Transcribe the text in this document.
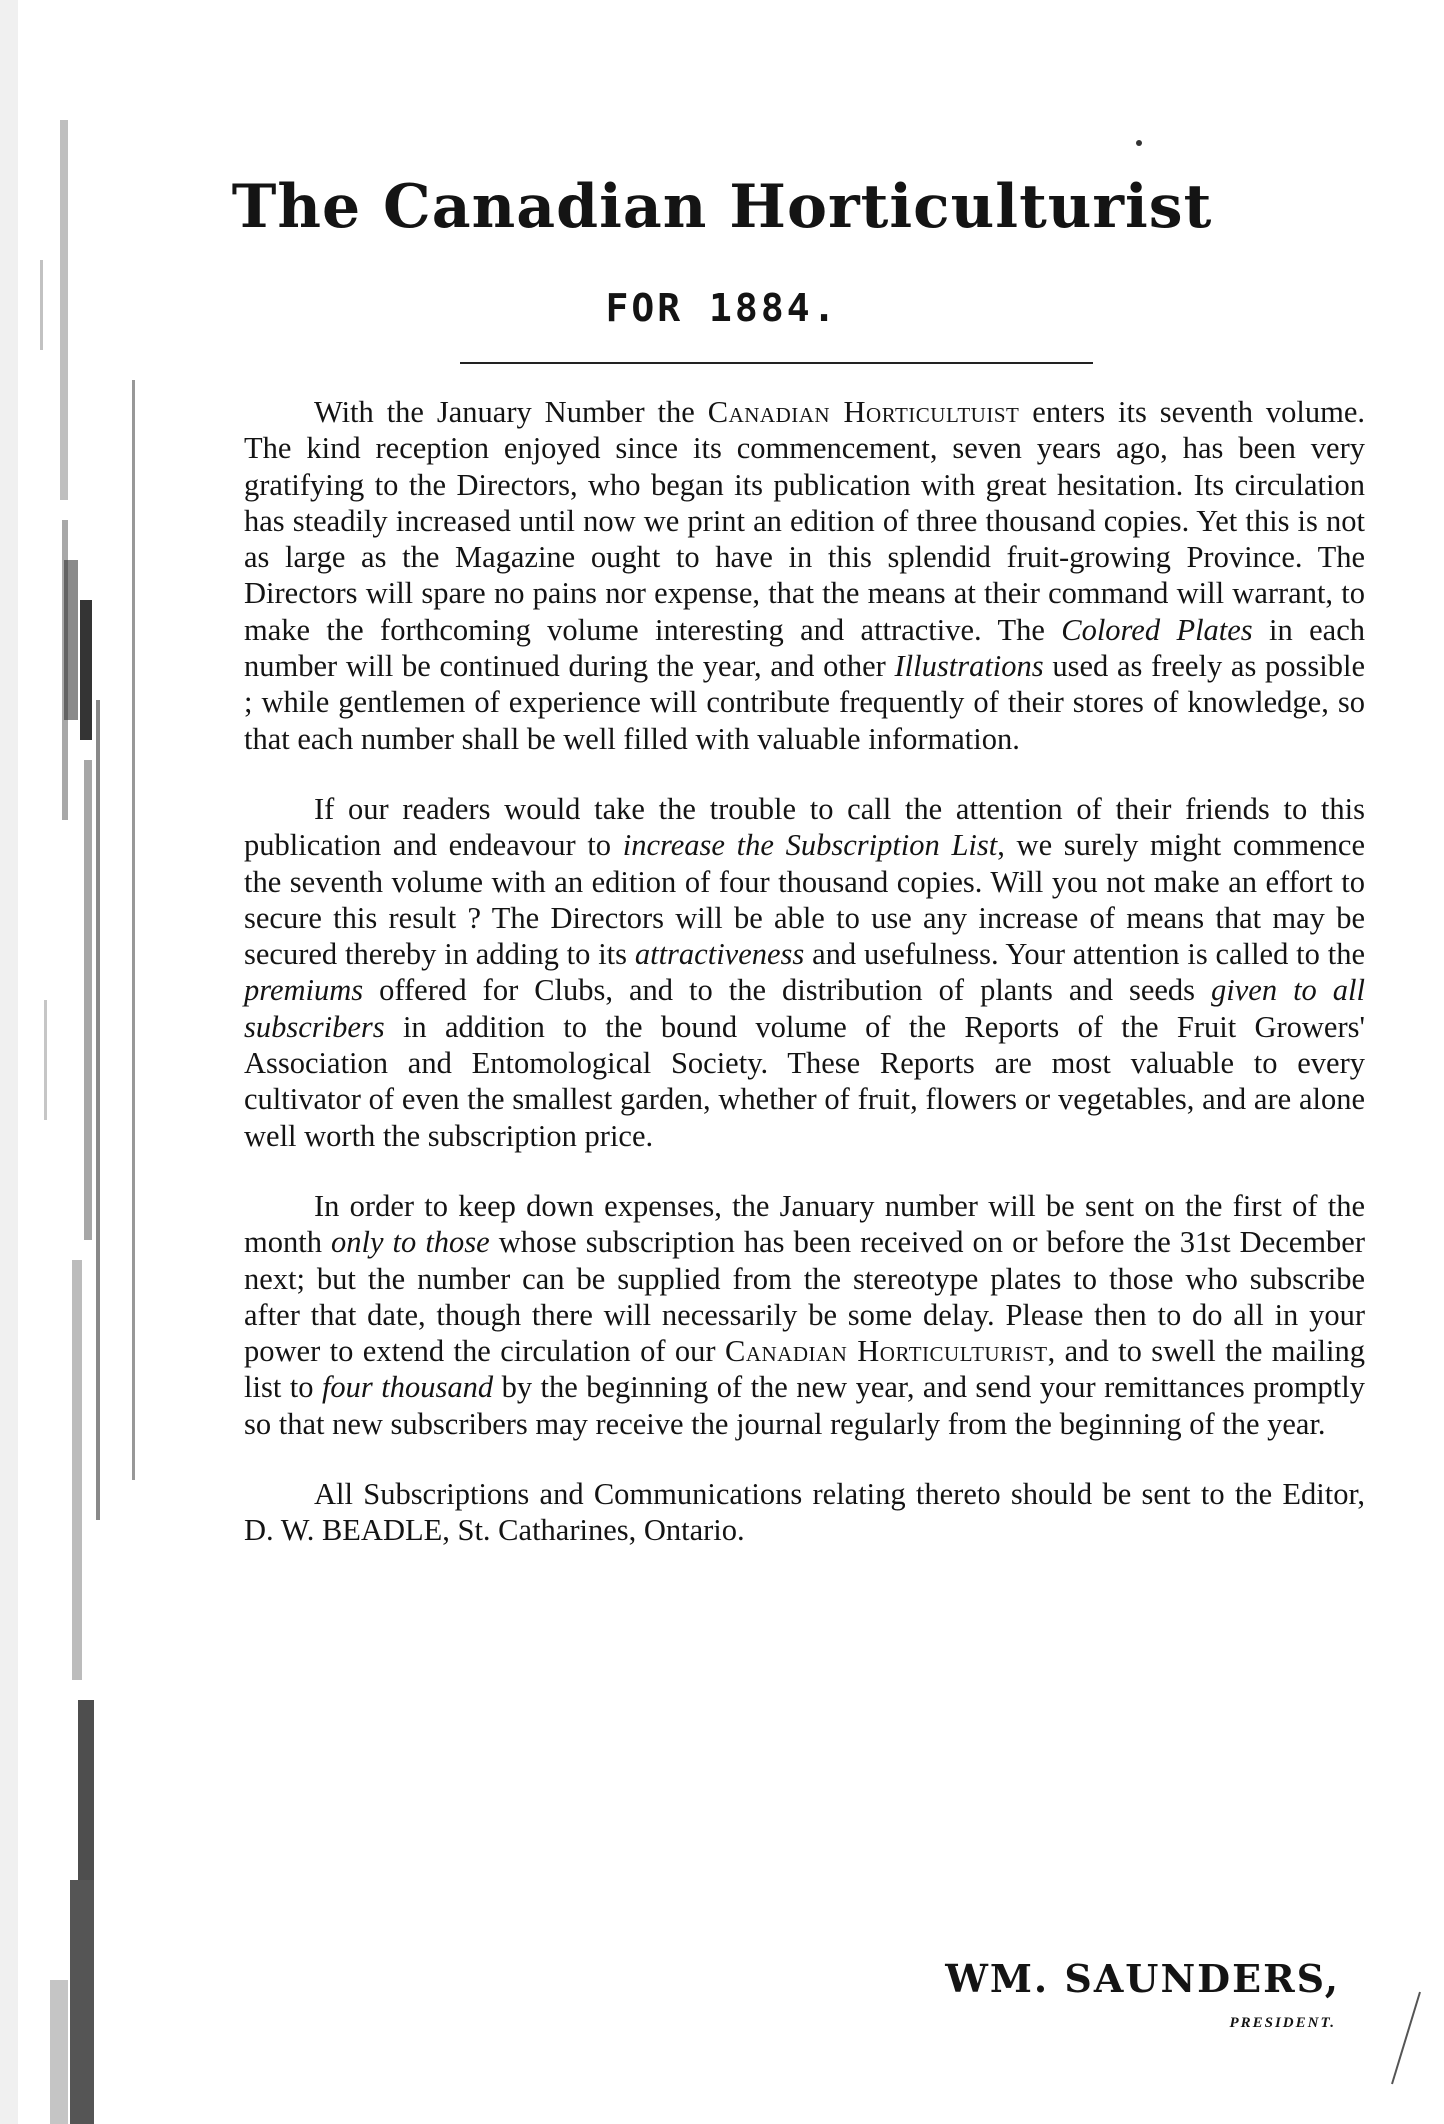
The Canadian Horticulturist
FOR 1884.

With the January Number the Canadian Horticultuist enters its seventh volume. The kind reception enjoyed since its commencement, seven years ago, has been very gratifying to the Directors, who began its publication with great hesitation. Its circulation has steadily increased until now we print an edition of three thousand copies. Yet this is not as large as the Magazine ought to have in this splendid fruit-growing Province. The Directors will spare no pains nor expense, that the means at their command will warrant, to make the forthcoming volume interesting and attractive. The Colored Plates in each number will be continued during the year, and other Illustrations used as freely as possible ; while gentlemen of experience will contribute frequently of their stores of knowledge, so that each number shall be well filled with valuable information.

If our readers would take the trouble to call the attention of their friends to this publication and endeavour to increase the Subscription List, we surely might commence the seventh volume with an edition of four thousand copies. Will you not make an effort to secure this result ? The Directors will be able to use any increase of means that may be secured thereby in adding to its attractiveness and usefulness. Your attention is called to the premiums offered for Clubs, and to the distribution of plants and seeds given to all subscribers in addition to the bound volume of the Reports of the Fruit Growers' Association and Entomological Society. These Reports are most valuable to every cultivator of even the smallest garden, whether of fruit, flowers or vegetables, and are alone well worth the subscription price.

In order to keep down expenses, the January number will be sent on the first of the month only to those whose subscription has been received on or before the 31st December next; but the number can be supplied from the stereotype plates to those who subscribe after that date, though there will necessarily be some delay. Please then to do all in your power to extend the circulation of our Canadian Horticulturist, and to swell the mailing list to four thousand by the beginning of the new year, and send your remittances promptly so that new subscribers may receive the journal regularly from the beginning of the year.

All Subscriptions and Communications relating thereto should be sent to the Editor, D. W. BEADLE, St. Catharines, Ontario.

WM. SAUNDERS,

PRESIDENT.
